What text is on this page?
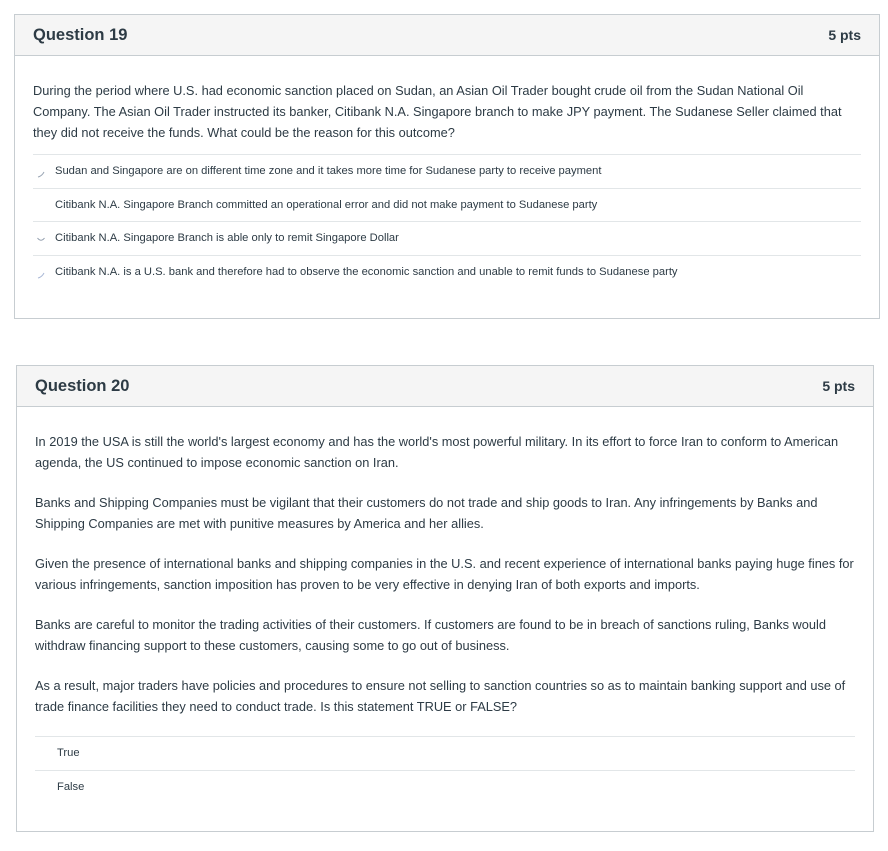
Question 19	5 pts

During the period where U.S. had economic sanction placed on Sudan, an Asian Oil Trader bought crude oil from the Sudan National Oil Company. The Asian Oil Trader instructed its banker, Citibank N.A. Singapore branch to make JPY payment. The Sudanese Seller claimed that they did not receive the funds. What could be the reason for this outcome?

Sudan and Singapore are on different time zone and it takes more time for Sudanese party to receive payment
Citibank N.A. Singapore Branch committed an operational error and did not make payment to Sudanese party
Citibank N.A. Singapore Branch is able only to remit Singapore Dollar
Citibank N.A. is a U.S. bank and therefore had to observe the economic sanction and unable to remit funds to Sudanese party
Question 20	5 pts

In 2019 the USA is still the world's largest economy and has the world's most powerful military. In its effort to force Iran to conform to American agenda, the US continued to impose economic sanction on Iran.

Banks and Shipping Companies must be vigilant that their customers do not trade and ship goods to Iran. Any infringements by Banks and Shipping Companies are met with punitive measures by America and her allies.

Given the presence of international banks and shipping companies in the U.S. and recent experience of international banks paying huge fines for various infringements, sanction imposition has proven to be very effective in denying Iran of both exports and imports.

Banks are careful to monitor the trading activities of their customers. If customers are found to be in breach of sanctions ruling, Banks would withdraw financing support to these customers, causing some to go out of business.

As a result, major traders have policies and procedures to ensure not selling to sanction countries so as to maintain banking support and use of trade finance facilities they need to conduct trade. Is this statement TRUE or FALSE?

True
False
